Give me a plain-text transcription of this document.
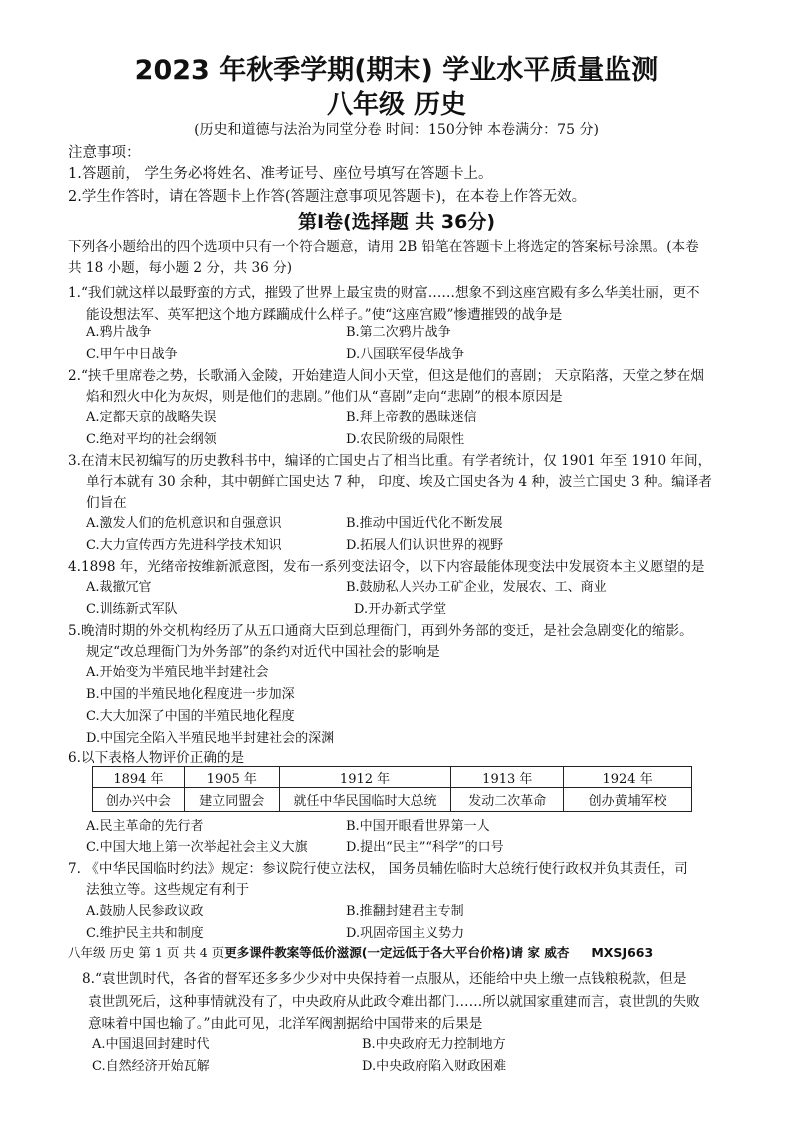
2023 年秋季学期(期末) 学业水平质量监测
八年级 历史
(历史和道德与法治为同堂分卷 时间：150分钟 本卷满分：75 分)
注意事项：
1.答题前， 学生务必将姓名、准考证号、座位号填写在答题卡上。
2.学生作答时，请在答题卡上作答(答题注意事项见答题卡)，在本卷上作答无效。
第Ⅰ卷(选择题 共 36分)
下列各小题给出的四个选项中只有一个符合题意，请用 2B 铅笔在答题卡上将选定的答案标号涂黑。(本卷
共 18 小题，每小题 2 分，共 36 分)
1.“我们就这样以最野蛮的方式，摧毁了世界上最宝贵的财富……想象不到这座宫殿有多么华美壮丽，更不
能设想法军、英军把这个地方蹂躏成什么样子。”使“这座宫殿”惨遭摧毁的战争是
A.鸦片战争	B.第二次鸦片战争
C.甲午中日战争	D.八国联军侵华战争
2.“挟千里席卷之势，长歌涌入金陵，开始建造人间小天堂，但这是他们的喜剧； 天京陷落，天堂之梦在烟
焰和烈火中化为灰烬，则是他们的悲剧。”他们从“喜剧”走向“悲剧”的根本原因是
A.定都天京的战略失误	B.拜上帝教的愚昧迷信
C.绝对平均的社会纲领	D.农民阶级的局限性
3.在清末民初编写的历史教科书中，编译的亡国史占了相当比重。有学者统计，仅 1901 年至 1910 年间，
单行本就有 30 余种，其中朝鲜亡国史达 7 种， 印度、埃及亡国史各为 4 种，波兰亡国史 3 种。编译者
们旨在
A.激发人们的危机意识和自强意识	B.推动中国近代化不断发展
C.大力宣传西方先进科学技术知识	D.拓展人们认识世界的视野
4.1898 年，光绪帝按维新派意图，发布一系列变法诏令，以下内容最能体现变法中发展资本主义愿望的是
A.裁撤冗官	B.鼓励私人兴办工矿企业，发展农、工、商业
C.训练新式军队	D.开办新式学堂
5.晚清时期的外交机构经历了从五口通商大臣到总理衙门，再到外务部的变迁，是社会急剧变化的缩影。
规定“改总理衙门为外务部”的条约对近代中国社会的影响是
A.开始变为半殖民地半封建社会
B.中国的半殖民地化程度进一步加深
C.大大加深了中国的半殖民地化程度
D.中国完全陷入半殖民地半封建社会的深渊
6.以下表格人物评价正确的是
1894 年	1905 年	1912 年	1913 年	1924 年
创办兴中会	建立同盟会	就任中华民国临时大总统	发动二次革命	创办黄埔军校
A.民主革命的先行者	B.中国开眼看世界第一人
C.中国大地上第一次举起社会主义大旗	D.提出“民主”“科学”的口号
7. 《中华民国临时约法》规定：参议院行使立法权， 国务员辅佐临时大总统行使行政权并负其责任，司
法独立等。这些规定有利于
A.鼓励人民参政议政	B.推翻封建君主专制
C.维护民主共和制度	D.巩固帝国主义势力
八年级 历史 第 1 页 共 4 页更多课件教案等低价滋源(一定远低于各大平台价格)请 家 威杏 MXSJ663
8.“袁世凯时代，各省的督军还多多少少对中央保持着一点服从，还能给中央上缴一点钱粮税款，但是
袁世凯死后，这种事情就没有了，中央政府从此政令难出都门……所以就国家重建而言，袁世凯的失败
意味着中国也输了。”由此可见，北洋军阀割据给中国带来的后果是
A.中国退回封建时代	B.中央政府无力控制地方
C.自然经济开始瓦解	D.中央政府陷入财政困难
